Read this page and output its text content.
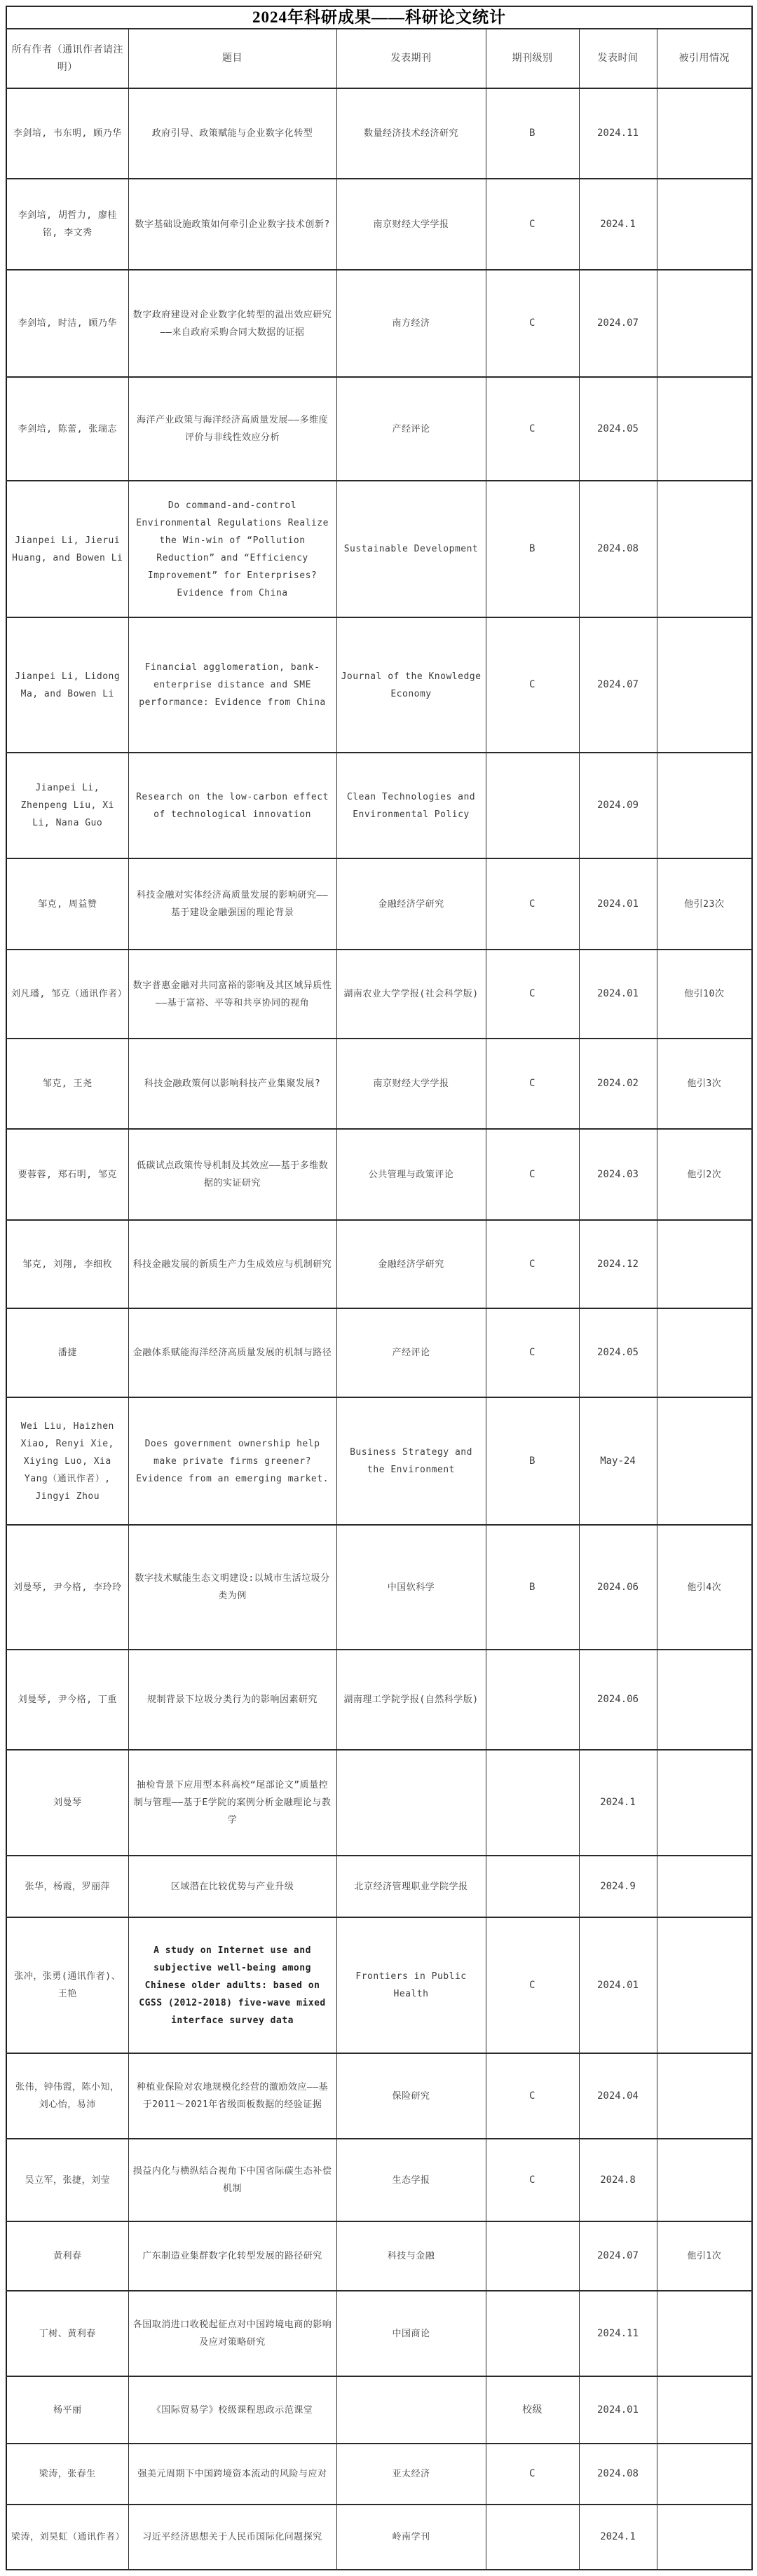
2024年科研成果——科研论文统计					
所有作者（通讯作者请注明）	题目	发表期刊	期刊级别	发表时间	被引用情况
李剑培, 韦东明, 顾乃华	政府引导、政策赋能与企业数字化转型	数量经济技术经济研究	B	2024.11	
李剑培, 胡哲力, 廖桂铭, 李文秀	数字基础设施政策如何牵引企业数字技术创新?	南京财经大学学报	C	2024.1	
李剑培, 时洁, 顾乃华	数字政府建设对企业数字化转型的溢出效应研究——来自政府采购合同大数据的证据	南方经济	C	2024.07	
李剑培, 陈蕾, 张瑞志	海洋产业政策与海洋经济高质量发展——多维度评价与非线性效应分析	产经评论	C	2024.05	
Jianpei Li, Jierui Huang, and Bowen Li	Do command-and-control Environmental Regulations Realize the Win-win of “Pollution Reduction” and “Efficiency Improvement” for Enterprises? Evidence from China	Sustainable Development	B	2024.08	
Jianpei Li, Lidong Ma, and Bowen Li	Financial agglomeration, bank-enterprise distance and SME performance: Evidence from China	Journal of the Knowledge Economy	C	2024.07	
Jianpei Li, Zhenpeng Liu, Xi Li, Nana Guo	Research on the low-carbon effect of technological innovation	Clean Technologies and Environmental Policy		2024.09	
邹克, 周益赞	科技金融对实体经济高质量发展的影响研究——基于建设金融强国的理论背景	金融经济学研究	C	2024.01	他引23次
刘凡璠, 邹克（通讯作者）	数字普惠金融对共同富裕的影响及其区域异质性——基于富裕、平等和共享协同的视角	湖南农业大学学报(社会科学版)	C	2024.01	他引10次
邹克, 王尧	科技金融政策何以影响科技产业集聚发展?	南京财经大学学报	C	2024.02	他引3次
要蓉蓉, 郑石明, 邹克	低碳试点政策传导机制及其效应——基于多维数据的实证研究	公共管理与政策评论	C	2024.03	他引2次
邹克, 刘翔, 李细枚	科技金融发展的新质生产力生成效应与机制研究	金融经济学研究	C	2024.12	
潘捷	金融体系赋能海洋经济高质量发展的机制与路径	产经评论	C	2024.05	
Wei Liu, Haizhen Xiao, Renyi Xie, Xiying Luo, Xia Yang（通讯作者）, Jingyi Zhou	Does government ownership help make private firms greener? Evidence from an emerging market.	Business Strategy and the Environment	B	May-24	
刘曼琴, 尹今格, 李玲玲	数字技术赋能生态文明建设:以城市生活垃圾分类为例	中国软科学	B	2024.06	他引4次
刘曼琴, 尹今格, 丁重	规制背景下垃圾分类行为的影响因素研究	湖南理工学院学报(自然科学版)		2024.06	
刘曼琴	抽检背景下应用型本科高校“尾部论文”质量控制与管理——基于E学院的案例分析金融理论与教学			2024.1	
张华，杨霞，罗丽萍	区域潜在比较优势与产业升级	北京经济管理职业学院学报		2024.9	
张冲，张勇(通讯作者)、王艳	A study on Internet use and subjective well-being among Chinese older adults: based on CGSS (2012-2018) five-wave mixed interface survey data	Frontiers in Public Health	C	2024.01	
张伟，钟伟霞，陈小知，刘心怡，易沛	种植业保险对农地规模化经营的激励效应——基于2011～2021年省级面板数据的经验证据	保险研究	C	2024.04	
吴立军，张捷，刘莹	损益内化与横纵结合视角下中国省际碳生态补偿机制	生态学报	C	2024.8	
黄利春	广东制造业集群数字化转型发展的路径研究	科技与金融		2024.07	他引1次
丁树、黄利春	各国取消进口收税起征点对中国跨境电商的影响及应对策略研究	中国商论		2024.11	
杨平丽	《国际贸易学》校级课程思政示范课堂		校级	2024.01	
梁涛，张春生	强美元周期下中国跨境资本流动的风险与应对	亚太经济	C	2024.08	
梁涛，刘昊虹（通讯作者）	习近平经济思想关于人民币国际化问题探究	岭南学刊		2024.1	
